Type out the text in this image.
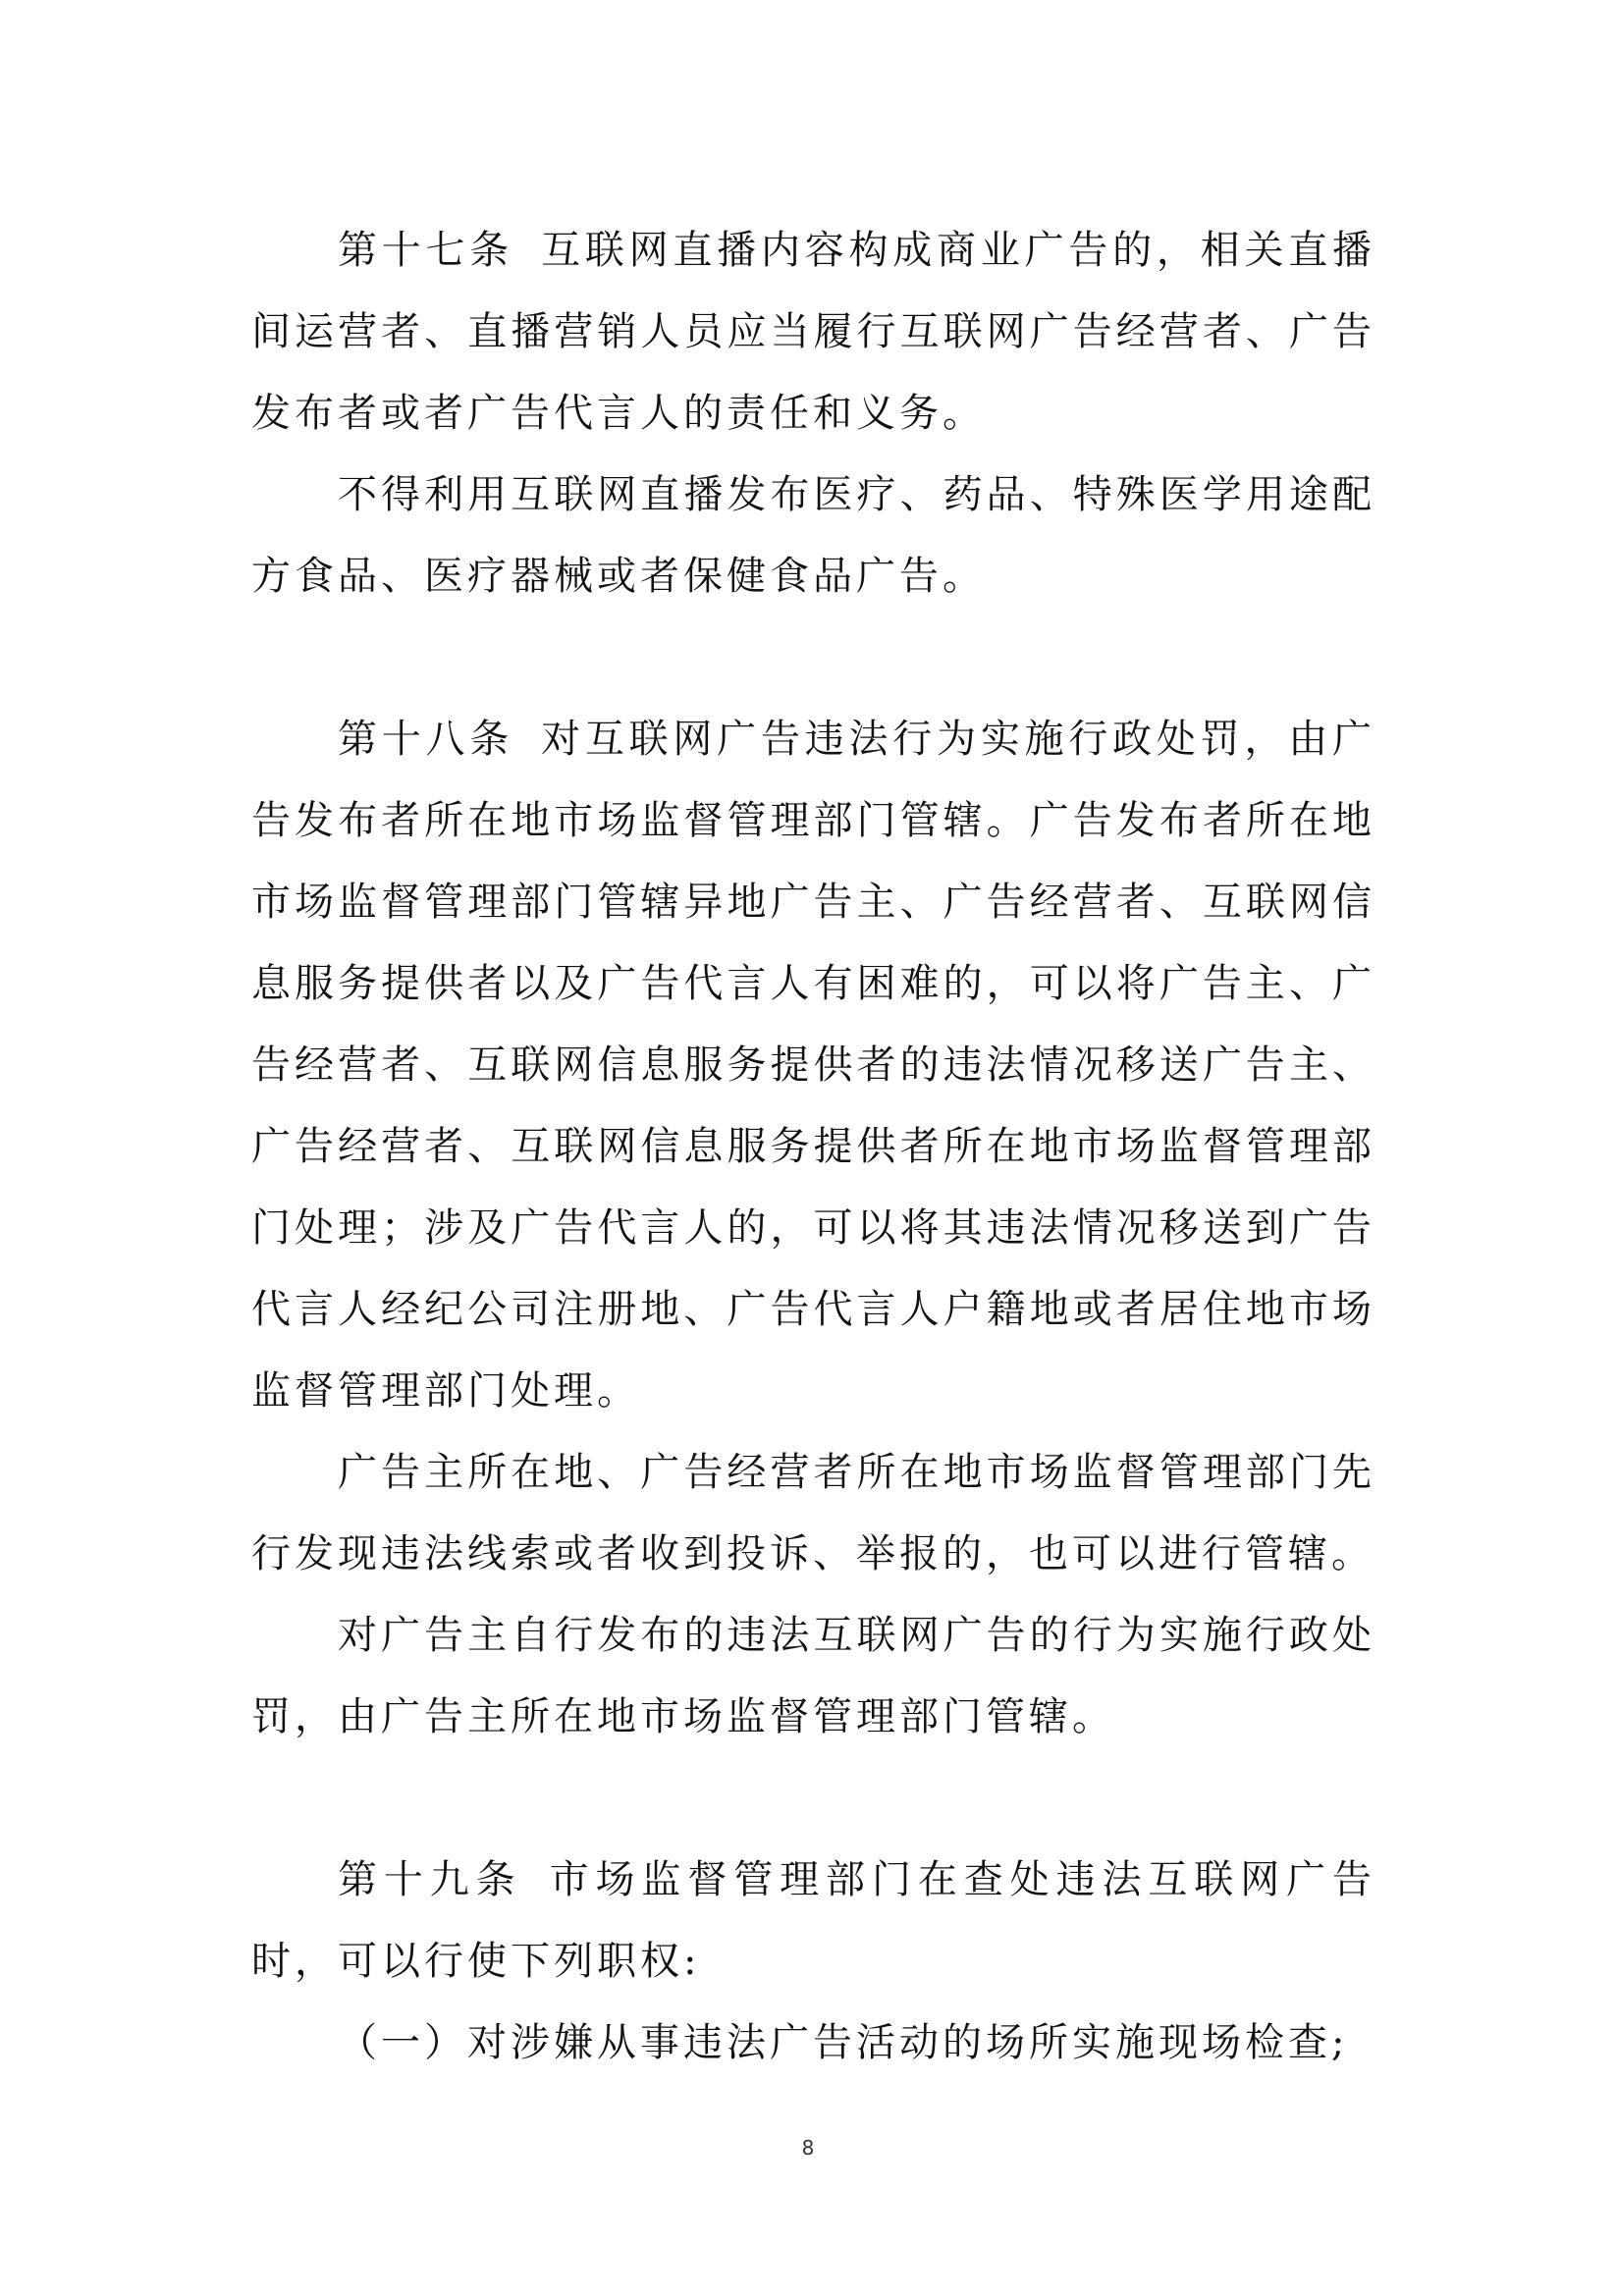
第十七条 互联网直播内容构成商业广告的，相关直播间运营者、直播营销人员应当履行互联网广告经营者、广告发布者或者广告代言人的责任和义务。

不得利用互联网直播发布医疗、药品、特殊医学用途配方食品、医疗器械或者保健食品广告。

第十八条 对互联网广告违法行为实施行政处罚，由广告发布者所在地市场监督管理部门管辖。广告发布者所在地市场监督管理部门管辖异地广告主、广告经营者、互联网信息服务提供者以及广告代言人有困难的，可以将广告主、广告经营者、互联网信息服务提供者的违法情况移送广告主、广告经营者、互联网信息服务提供者所在地市场监督管理部门处理；涉及广告代言人的，可以将其违法情况移送到广告代言人经纪公司注册地、广告代言人户籍地或者居住地市场监督管理部门处理。

广告主所在地、广告经营者所在地市场监督管理部门先行发现违法线索或者收到投诉、举报的，也可以进行管辖。

对广告主自行发布的违法互联网广告的行为实施行政处罚，由广告主所在地市场监督管理部门管辖。

第十九条 市场监督管理部门在查处违法互联网广告时，可以行使下列职权:

（一）对涉嫌从事违法广告活动的场所实施现场检查;

8
